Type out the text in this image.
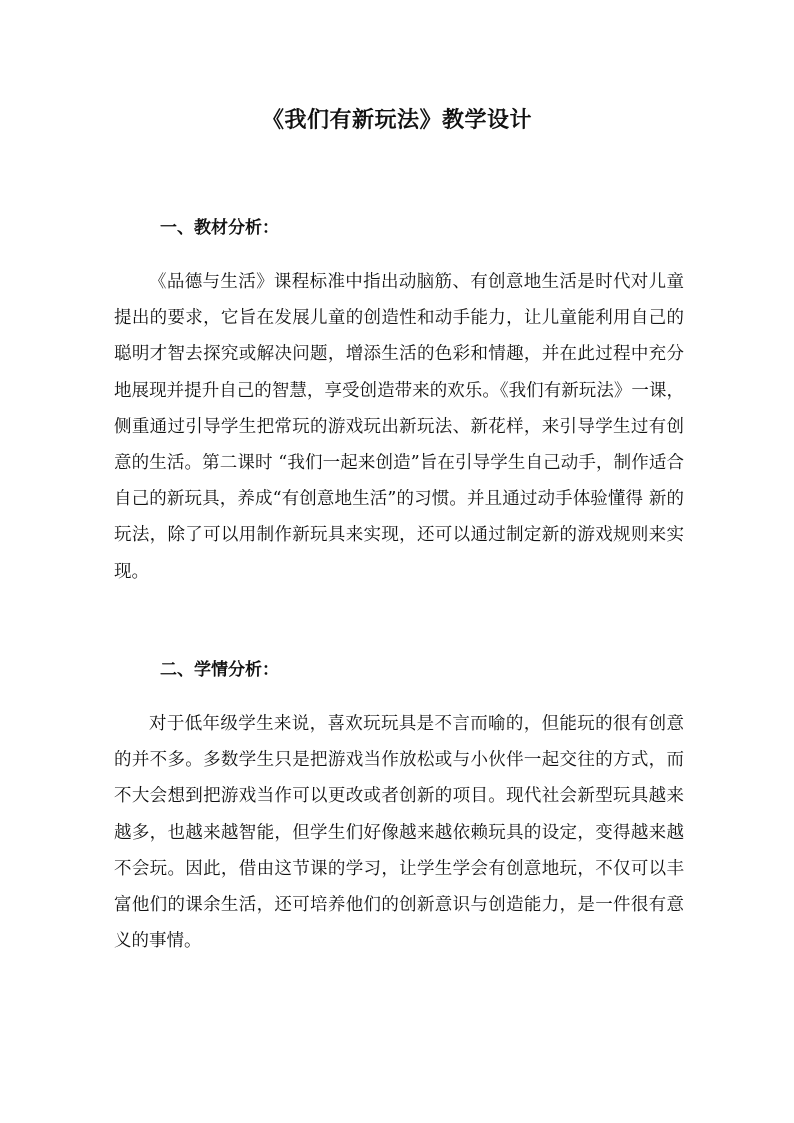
《我们有新玩法》教学设计
一、教材分析：

《品德与生活》课程标准中指出动脑筋、有创意地生活是时代对儿童提出的要求，它旨在发展儿童的创造性和动手能力，让儿童能利用自己的聪明才智去探究或解决问题，增添生活的色彩和情趣，并在此过程中充分地展现并提升自己的智慧，享受创造带来的欢乐。《我们有新玩法》一课，侧重通过引导学生把常玩的游戏玩出新玩法、新花样，来引导学生过有创意的生活。第二课时 “我们一起来创造”旨在引导学生自己动手，制作适合自己的新玩具，养成“有创意地生活”的习惯。并且通过动手体验懂得 新的玩法，除了可以用制作新玩具来实现，还可以通过制定新的游戏规则来实现。

二、学情分析：

对于低年级学生来说，喜欢玩玩具是不言而喻的，但能玩的很有创意的并不多。多数学生只是把游戏当作放松或与小伙伴一起交往的方式，而不大会想到把游戏当作可以更改或者创新的项目。现代社会新型玩具越来越多，也越来越智能，但学生们好像越来越依赖玩具的设定，变得越来越不会玩。因此，借由这节课的学习，让学生学会有创意地玩，不仅可以丰富他们的课余生活，还可培养他们的创新意识与创造能力，是一件很有意义的事情。
